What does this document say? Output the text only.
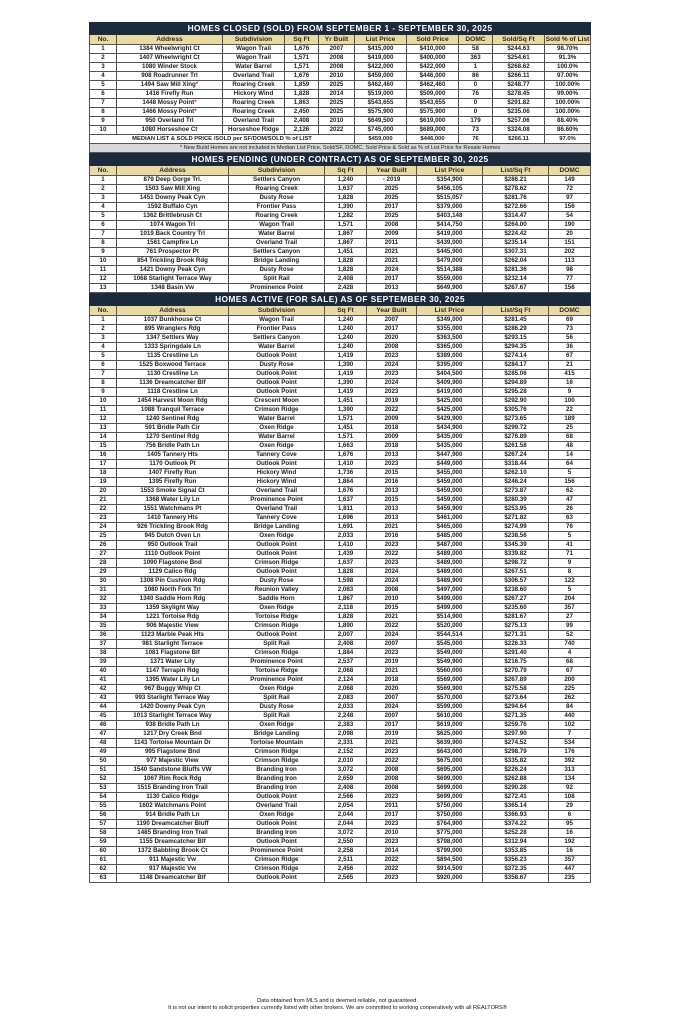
HOMES CLOSED (SOLD) FROM SEPTEMBER 1 - SEPTEMBER 30, 2025									
No.	Address	Subdivision	Sq Ft	Yr Built	List Price	Sold Price	DOMC	Sold/Sq Ft	Sold % of List
1	1384 Wheelwright Ct	Wagon Trail	1,676	2007	$415,000	$410,000	58	$244.63	98.70%
2	1407 Wheelwright Ct	Wagon Trail	1,571	2008	$419,000	$400,000	363	$254.61	91.3%
3	1080 Winder Stock	Water Barrel	1,571	2008	$422,000	$422,000	1	$268.62	100.0%
4	908 Roadrunner Trl	Overland Trail	1,676	2010	$459,000	$446,000	86	$266.11	97.00%
5	1494 Saw Mill Xing*	Roaring Creek	1,859	2025	$462,460	$462,460	0	$248.77	100.00%
6	1416 Firefly Run	Hickory Wind	1,828	2014	$519,000	$509,000	76	$278.45	99.00%
7	1448 Mossy Point*	Roaring Creek	1,863	2025	$543,655	$543,655	0	$291.82	100.00%
8	1466 Mossy Point*	Roaring Creek	2,450	2025	$575,900	$575,900	0	$235.06	100.00%
9	950 Overland Trl	Overland Trail	2,408	2010	$649,500	$619,000	179	$257.06	88.40%
10	1080 Horseshoe Ct	Horseshoe Ridge	2,126	2022	$745,000	$689,000	73	$324.08	86.60%
MEDIAN LIST & SOLD PRICE /SOLD per SF/DOM/SOLD % of LIST					$459,000	$446,000	76	$266.11	97.0%
* New Build Homes are not included in Median List Price, Sold/SF, DOMC, Sold Price & Sold as % of List Price for Resale Homes									
HOMES PENDING (UNDER CONTRACT) AS OF SEPTEMBER 30, 2025							
No.	Address	Subdivision	Sq Ft	Year Built	List Price	List/Sq Ft	DOMC
1	879 Deep Gorge Trl.	Settlers Canyon	1,240	- 2019	$354,900	$286.21	149
2	1503 Saw Mill Xing	Roaring Creek	1,637	2025	$456,105	$278.62	72
3	1451 Downy Peak Cyn	Dusty Rose	1,828	2025	$515,057	$281.76	97
4	1592 Buffalo Cyn	Frontier Pass	1,390	2017	$379,000	$272.66	156
5	1362 Brittlebrush Ct	Roaring Creek	1,282	2025	$403,148	$314.47	54
6	1074 Wagon Trl	Wagon Trail	1,571	2008	$414,750	$264.00	190
7	1019 Back Country Trl	Water Barrel	1,867	2009	$419,000	$224.42	20
8	1561 Campfire Ln	Overland Trail	1,867	2011	$439,000	$235.14	151
9	761 Prospector Pt	Settlers Canyon	1,451	2021	$445,900	$307.31	202
10	854 Trickling Brook Rdg	Bridge Landing	1,828	2021	$479,000	$262.04	113
11	1421 Downy Peak Cyn	Dusty Rose	1,828	2024	$514,388	$281.36	98
12	1068 Starlight Terrace Way	Split Rail	2,408	2017	$559,000	$232.14	77
13	1348 Basin Vw	Prominence Point	2,428	2013	$649,900	$267.67	156
HOMES ACTIVE (FOR SALE) AS OF SEPTEMBER 30, 2025							
No.	Address	Subdivision	Sq Ft	Year Built	List Price	List/Sq Ft	DOMC
1	1037 Bunkhouse Ct	Wagon Trail	1,240	2007	$349,000	$281.45	69
2	895 Wranglers Rdg	Frontier Pass	1,240	2017	$355,000	$286.29	73
3	1347 Settlers Way	Settlers Canyon	1,240	2020	$363,500	$293.15	56
4	1333 Springdale Ln	Water Barrel	1,240	2008	$365,000	$294.35	36
5	1135 Crestline Ln	Outlook Point	1,419	2023	$389,000	$274.14	67
6	1525 Boxwood Terrace	Dusty Rose	1,390	2024	$395,000	$284.17	21
7	1130 Crestline Ln	Outlook Point	1,419	2023	$404,500	$285.06	415
8	1136 Dreamcatcher Blf	Outlook Point	1,390	2024	$409,900	$294.89	16
9	1118 Crestline Ln	Outlook Point	1,419	2023	$419,000	$295.28	9
10	1454 Harvest Moon Rdg	Crescent Moon	1,451	2019	$425,000	$292.90	100
11	1088 Tranquil Terrace	Crimson Ridge	1,390	2022	$425,000	$305.76	22
12	1240 Sentinel Rdg	Water Barrel	1,571	2009	$429,900	$273.65	189
13	591 Bridle Path Cir	Oxen Ridge	1,451	2018	$434,900	$299.72	25
14	1270 Sentinel Rdg	Water Barrel	1,571	2009	$435,000	$276.89	68
15	756 Bridle Path Ln	Oxen Ridge	1,663	2018	$435,000	$261.58	48
16	1405 Tannery Hts	Tannery Cove	1,676	2013	$447,900	$267.24	14
17	1170 Outlook Pt	Outlook Point	1,410	2023	$449,000	$318.44	64
18	1407 Firefly Run	Hickory Wind	1,736	2015	$455,000	$262.10	5
19	1395 Firefly Run	Hickory Wind	1,864	2016	$459,000	$246.24	156
20	1553 Smoke Signal Ct	Overland Trail	1,676	2013	$459,000	$273.87	62
21	1368 Water Lily Ln	Prominence Point	1,637	2015	$459,000	$280.39	47
22	1551 Watchmans Pt	Overland Trail	1,811	2013	$459,900	$253.95	26
23	1410 Tannery Hts	Tannery Cove	1,696	2013	$461,000	$271.82	63
24	926 Trickling Brook Rdg	Bridge Landing	1,691	2021	$465,000	$274.99	76
25	945 Dutch Oven Ln	Oxen Ridge	2,033	2016	$485,000	$238.56	5
26	950 Outlook Trail	Outlook Point	1,410	2023	$487,000	$345.39	41
27	1110 Outlook Point	Outlook Point	1,439	2022	$489,000	$339.82	71
28	1090 Flagstone Bnd	Crimson Ridge	1,637	2023	$489,000	$298.72	9
29	1129 Calico Rdg	Outlook Point	1,828	2024	$489,000	$267.51	8
30	1308 Pin Cushion Rdg	Dusty Rose	1,598	2024	$489,900	$306.57	122
31	1080 North Fork Trl	Reunion Valley	2,083	2008	$497,000	$238.60	5
32	1340 Saddle Horn Rdg	Saddle Horn	1,867	2010	$499,000	$267.27	204
33	1359 Skylight Way	Oxen Ridge	2,118	2015	$499,000	$235.60	357
34	1221 Tortoise Rdg	Tortoise Ridge	1,828	2021	$514,900	$281.67	27
35	906 Majestic View	Crimson Ridge	1,890	2022	$520,000	$275.13	99
36	1123 Marble Peak Hts	Outlook Point	2,007	2024	$544,514	$271.31	52
37	981 Starlight Terrace	Split Rail	2,408	2007	$545,000	$226.33	740
38	1081 Flagstone Blf	Crimson Ridge	1,884	2023	$549,000	$291.40	4
39	1371 Water Lily	Prominence Point	2,537	2019	$549,900	$216.75	68
40	1147 Terrapin Rdg	Tortoise Ridge	2,068	2021	$560,000	$270.79	67
41	1395 Water Lily Ln	Prominence Point	2,124	2018	$569,000	$267.89	200
42	967 Buggy Whip Ct	Oxen Ridge	2,068	2020	$569,900	$275.58	225
43	993 Starlight Terrace Way	Split Rail	2,083	2007	$570,000	$273.64	262
44	1420 Downy Peak Cyn	Dusty Rose	2,033	2024	$599,000	$294.64	84
45	1013 Starlight Terrace Way	Split Rail	2,248	2007	$610,000	$271.35	440
46	938 Bridle Path Ln	Oxen Ridge	2,383	2017	$619,000	$259.76	102
47	1217 Dry Creek Bnd	Bridge Landing	2,098	2019	$625,000	$297.90	7
48	1143 Tortoise Mountain Dr	Tortoise Mountain	2,331	2021	$639,900	$274.52	534
49	995 Flagstone Bnd	Crimson Ridge	2,152	2023	$643,000	$298.79	176
50	977 Majestic View	Crimson Ridge	2,010	2022	$675,000	$335.82	392
51	1540 Sandstone Bluffs VW	Branding Iron	3,072	2008	$695,000	$226.24	313
52	1067 Rim Rock Rdg	Branding Iron	2,659	2008	$699,000	$262.88	134
53	1515 Branding Iron Trail	Branding Iron	2,408	2008	$699,000	$290.28	92
54	1130 Calico Ridge	Outlook Point	2,566	2023	$699,000	$272.41	108
55	1602 Watchmans Point	Overland Trail	2,054	2011	$750,000	$365.14	29
56	914 Bridle Path Ln	Oxen Ridge	2,044	2017	$750,000	$366.93	6
57	1190 Dreamcatcher Bluff	Outlook Point	2,044	2023	$764,900	$374.22	95
58	1485 Branding Iron Trail	Branding Iron	3,072	2010	$775,000	$252.28	16
59	1155 Dreamcatcher Blf	Outlook Point	2,550	2023	$798,000	$312.94	192
60	1372 Babbling Brook Ct	Prominence Point	2,258	2014	$799,000	$353.85	16
61	911 Majestic Vw	Crimson Ridge	2,511	2022	$894,500	$356.23	357
62	917 Majestic Vw	Crimson Ridge	2,456	2022	$914,500	$372.35	447
63	1148 Dreamcatcher Blf	Outlook Point	2,565	2023	$920,000	$358.67	235
Data obtained from MLS and is deemed reliable, not guaranteed.
It is not our intent to solicit properties currently listed with other brokers. We are committed to working cooperatively with all REALTORS®
